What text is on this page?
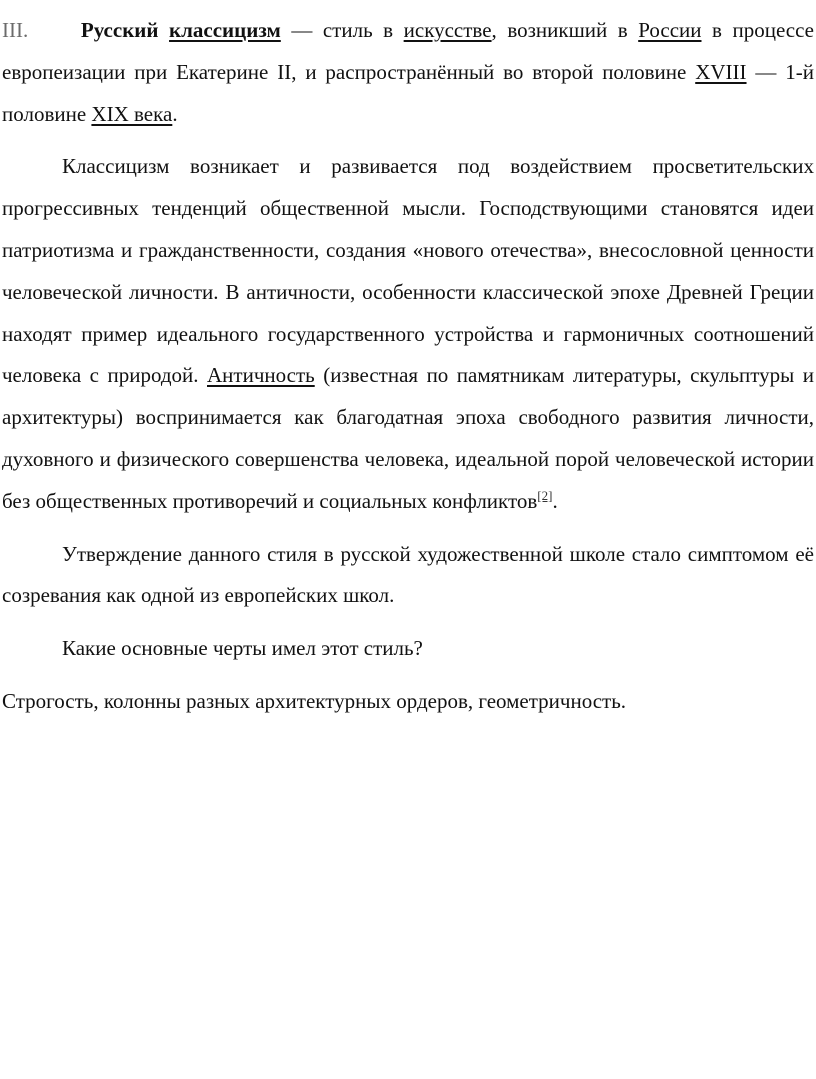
III.	Русский классицизм — стиль в искусстве, возникший в России в процессе европеизации при Екатерине II, и распространённый во второй половине XVIII — 1-й половине XIX века.

Классицизм возникает и развивается под воздействием просветительских прогрессивных тенденций общественной мысли. Господствующими становятся идеи патриотизма и гражданственности, создания «нового отечества», внесословной ценности человеческой личности. В античности, особенности классической эпохе Древней Греции находят пример идеального государственного устройства и гармоничных соотношений человека с природой. Античность (известная по памятникам литературы, скульптуры и архитектуры) воспринимается как благодатная эпоха свободного развития личности, духовного и физического совершенства человека, идеальной порой человеческой истории без общественных противоречий и социальных конфликтов[2].

Утверждение данного стиля в русской художественной школе стало симптомом её созревания как одной из европейских школ.

Какие основные черты имел этот стиль?

Строгость, колонны разных архитектурных ордеров, геометричность.
